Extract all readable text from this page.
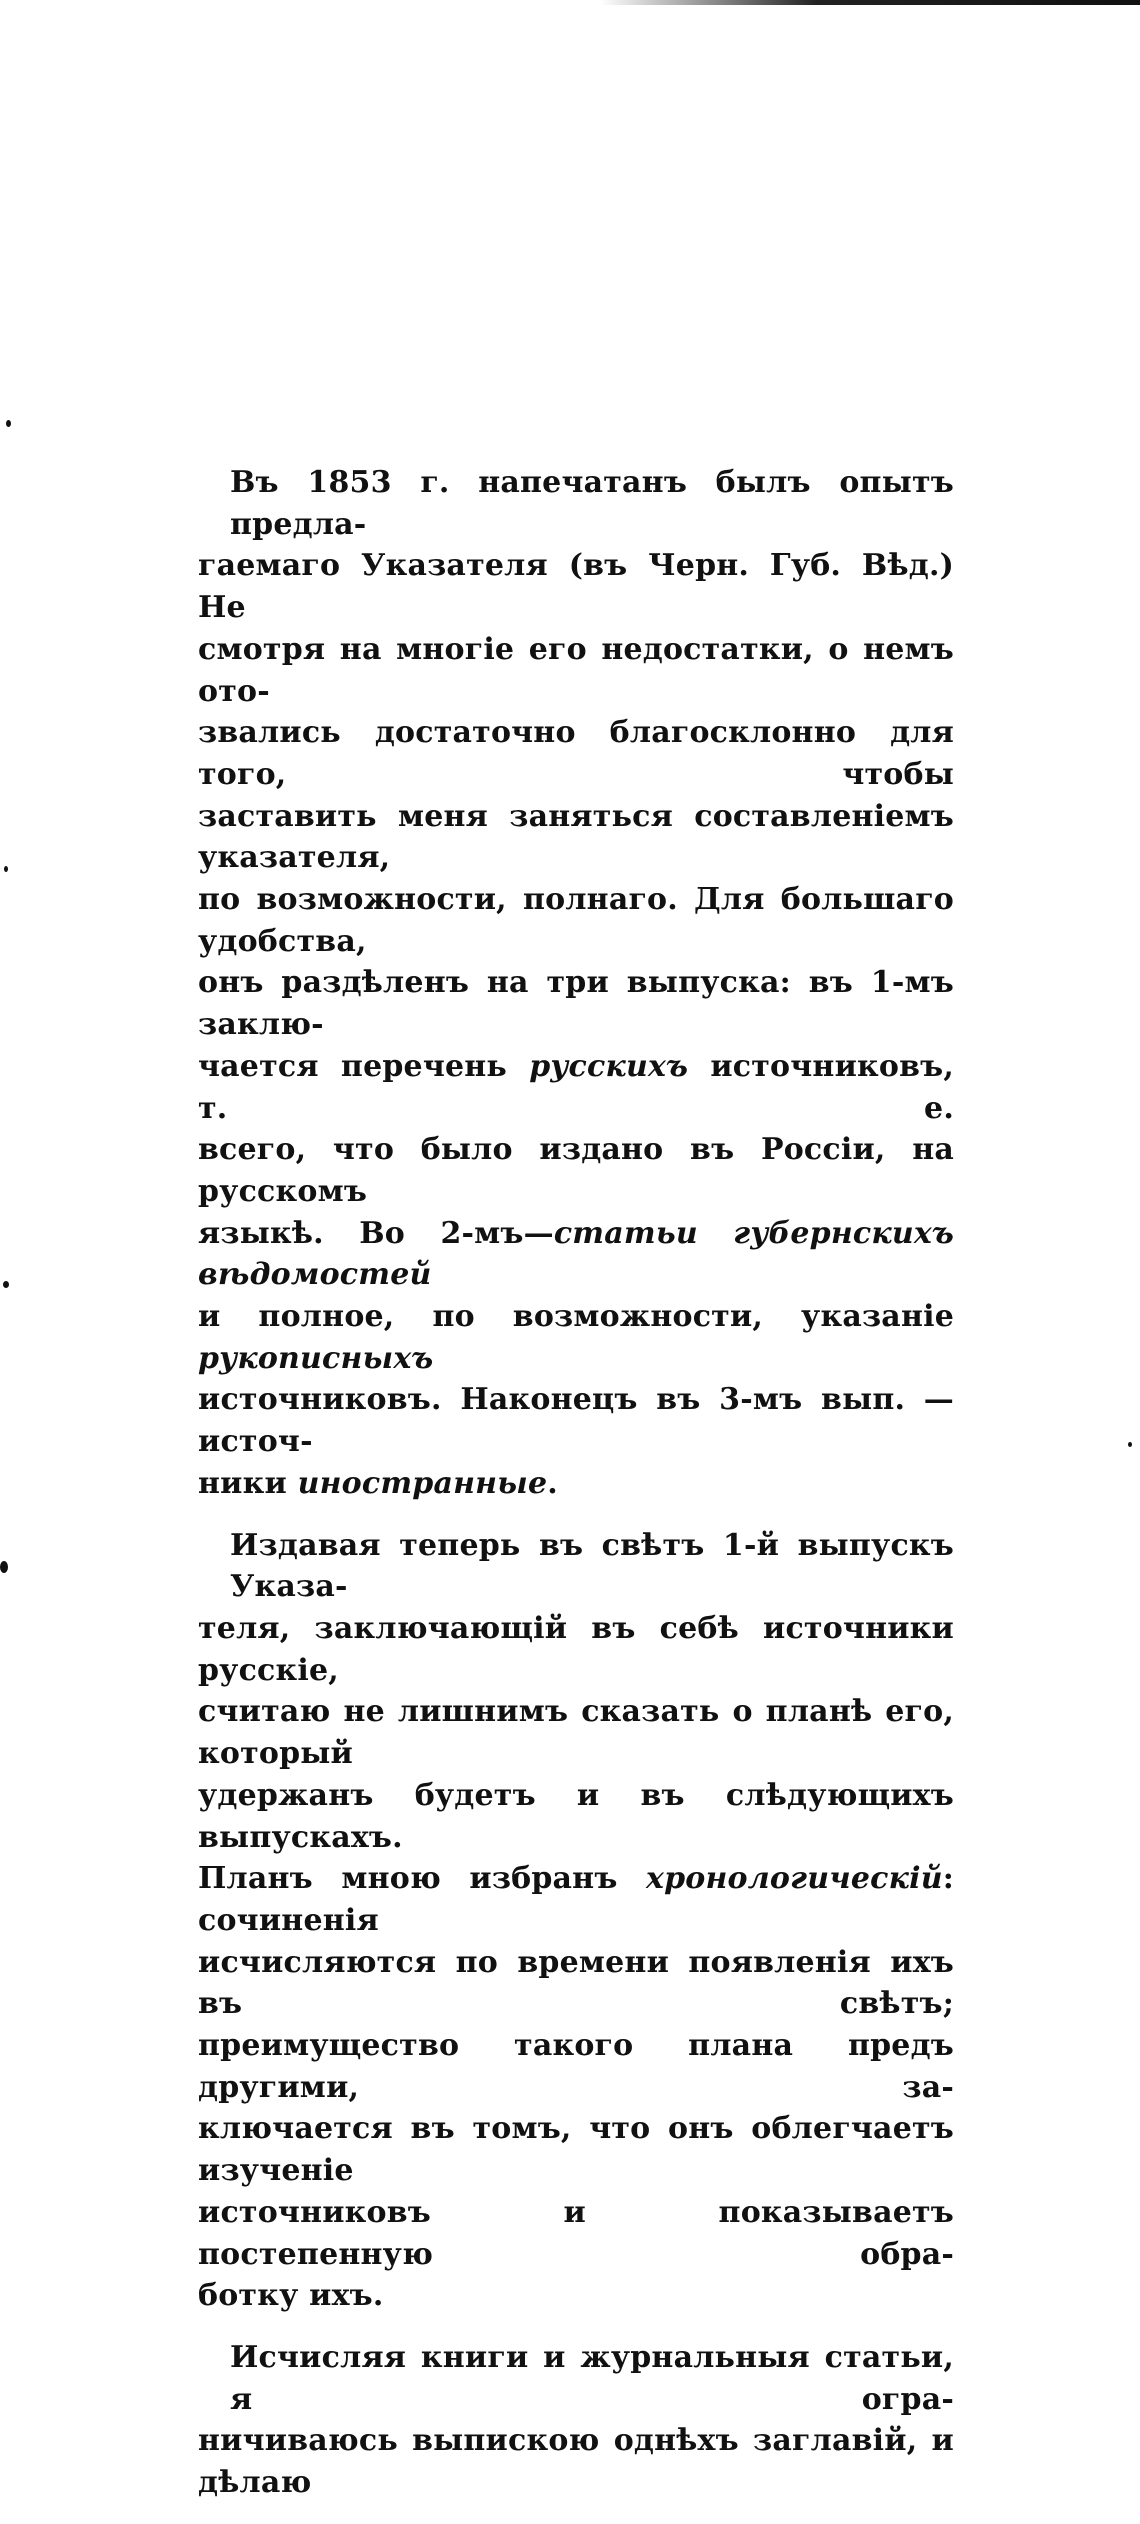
Въ 1853 г. напечатанъ былъ опытъ предла-
гаемаго Указателя (въ Черн. Губ. Вѣд.) Не
смотря на многіе его недостатки, о немъ ото-
звались достаточно благосклонно для того, чтобы
заставить меня заняться составленіемъ указателя,
по возможности, полнаго. Для большаго удобства,
онъ раздѣленъ на три выпуска: въ 1-мъ заклю-
чается перечень русскихъ источниковъ, т. е.
всего, что было издано въ Россіи, на русскомъ
языкѣ. Во 2-мъ—статьи губернскихъ вѣдомостей
и полное, по возможности, указаніе рукописныхъ
источниковъ. Наконецъ въ 3-мъ вып. — источ-
ники иностранные.

Издавая теперь въ свѣтъ 1-й выпускъ Указа-
теля, заключающій въ себѣ источники русскіе,
считаю не лишнимъ сказать о планѣ его, который
удержанъ будетъ и въ слѣдующихъ выпускахъ.
Планъ мною избранъ хронологическій: сочиненія
исчисляются по времени появленія ихъ въ свѣтъ;
преимущество такого плана предъ другими, за-
ключается въ томъ, что онъ облегчаетъ изученіе
источниковъ и показываетъ постепенную обра-
ботку ихъ.

Исчисляя книги и журнальныя статьи, я огра-
ничиваюсь выпискою однѣхъ заглавій, и дѣлаю
